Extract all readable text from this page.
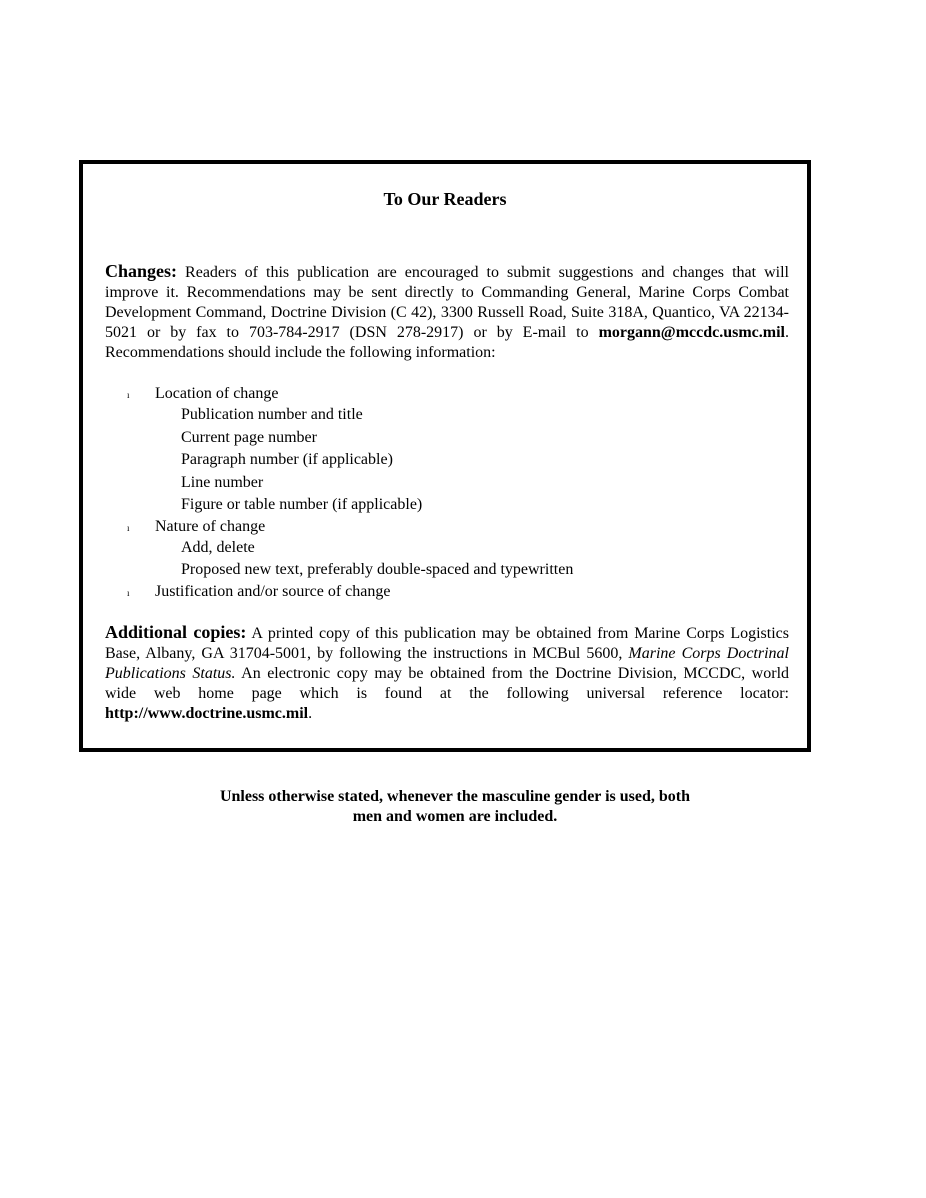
To Our Readers
Changes: Readers of this publication are encouraged to submit suggestions and changes that will improve it. Recommendations may be sent directly to Commanding General, Marine Corps Combat Development Command, Doctrine Division (C 42), 3300 Russell Road, Suite 318A, Quantico, VA 22134-5021 or by fax to 703-784-2917 (DSN 278-2917) or by E-mail to morgann@mccdc.usmc.mil. Recommendations should include the following information:
ı Location of change
Publication number and title
Current page number
Paragraph number (if applicable)
Line number
Figure or table number (if applicable)
ı Nature of change
Add, delete
Proposed new text, preferably double-spaced and typewritten
ı Justification and/or source of change
Additional copies: A printed copy of this publication may be obtained from Marine Corps Logistics Base, Albany, GA 31704-5001, by following the instructions in MCBul 5600, Marine Corps Doctrinal Publications Status. An electronic copy may be obtained from the Doctrine Division, MCCDC, world wide web home page which is found at the following universal reference locator: http://www.doctrine.usmc.mil.
Unless otherwise stated, whenever the masculine gender is used, both
men and women are included.
